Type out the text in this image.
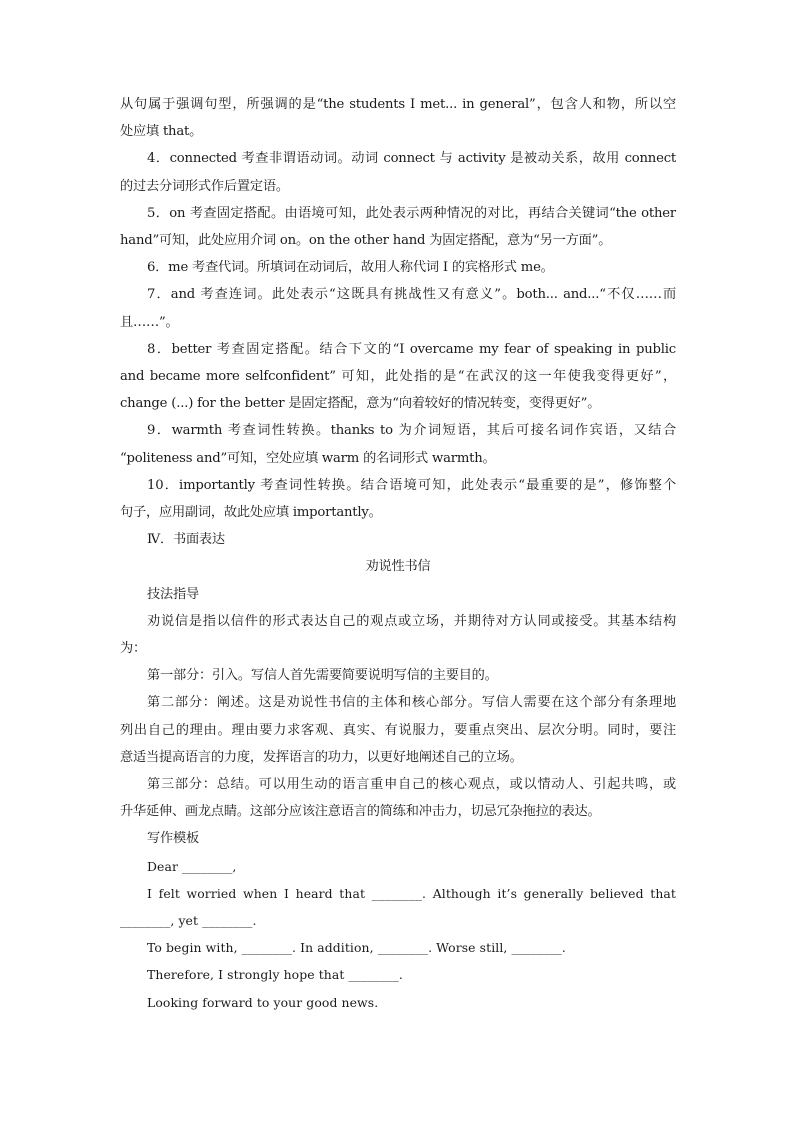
从句属于强调句型，所强调的是“the students I met... in general”，包含人和物，所以空
处应填 that。
4．connected 考查非谓语动词。动词 connect 与 activity 是被动关系，故用 connect
的过去分词形式作后置定语。
5．on 考查固定搭配。由语境可知，此处表示两种情况的对比，再结合关键词“the other
hand”可知，此处应用介词 on。on the other hand 为固定搭配，意为“另一方面”。
6．me 考查代词。所填词在动词后，故用人称代词 I 的宾格形式 me。
7．and 考查连词。此处表示“这既具有挑战性又有意义”。both... and...“不仅……而
且……”。
8．better 考查固定搭配。结合下文的“I overcame my fear of speaking in public
and became more selfconfident” 可知，此处指的是“在武汉的这一年使我变得更好”，
change (...) for the better 是固定搭配，意为“向着较好的情况转变，变得更好”。
9．warmth 考查词性转换。thanks to 为介词短语，其后可接名词作宾语，又结合
“politeness and”可知，空处应填 warm 的名词形式 warmth。
10．importantly 考查词性转换。结合语境可知，此处表示“最重要的是”，修饰整个
句子，应用副词，故此处应填 importantly。
Ⅳ．书面表达
劝说性书信
技法指导
劝说信是指以信件的形式表达自己的观点或立场，并期待对方认同或接受。其基本结构
为：
第一部分：引入。写信人首先需要简要说明写信的主要目的。
第二部分：阐述。这是劝说性书信的主体和核心部分。写信人需要在这个部分有条理地
列出自己的理由。理由要力求客观、真实、有说服力，要重点突出、层次分明。同时，要注
意适当提高语言的力度，发挥语言的功力，以更好地阐述自己的立场。
第三部分：总结。可以用生动的语言重申自己的核心观点，或以情动人、引起共鸣，或
升华延伸、画龙点睛。这部分应该注意语言的简练和冲击力，切忌冗杂拖拉的表达。
写作模板
Dear ________,
I felt worried when I heard that ________. Although it’s generally believed that
________, yet ________.
To begin with, ________. In addition, ________. Worse still, ________.
Therefore, I strongly hope that ________.
Looking forward to your good news.
